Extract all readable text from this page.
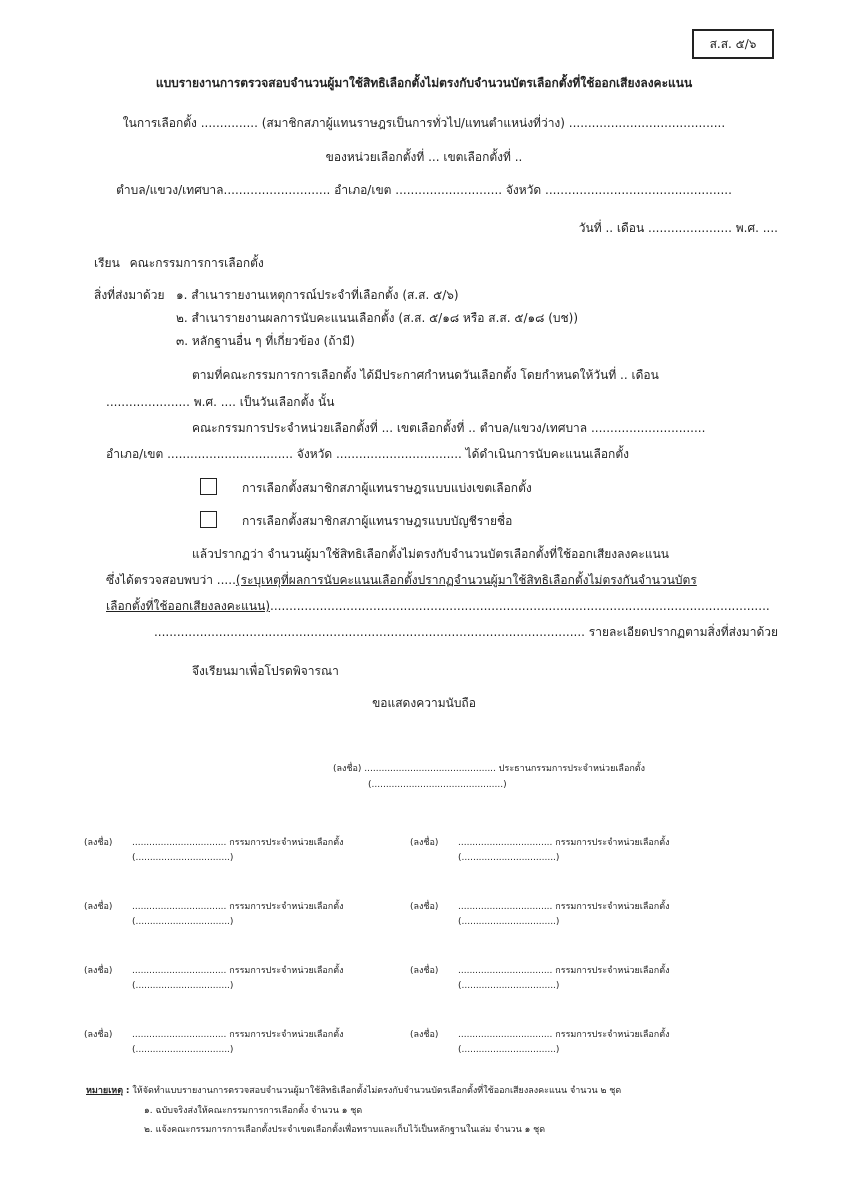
ส.ส. ๕/๖
แบบรายงานการตรวจสอบจำนวนผู้มาใช้สิทธิเลือกตั้งไม่ตรงกับจำนวนบัตรเลือกตั้งที่ใช้ออกเสียงลงคะแนน
ในการเลือกตั้ง ............... (สมาชิกสภาผู้แทนราษฎรเป็นการทั่วไป/แทนตำแหน่งที่ว่าง) .........................................
ของหน่วยเลือกตั้งที่ ... เขตเลือกตั้งที่ ..
ตำบล/แขวง/เทศบาล............................ อำเภอ/เขต ............................ จังหวัด .................................................
วันที่ .. เดือน ...................... พ.ศ. ....
เรียน คณะกรรมการการเลือกตั้ง
สิ่งที่ส่งมาด้วย ๑. สำเนารายงานเหตุการณ์ประจำที่เลือกตั้ง (ส.ส. ๕/๖)
๒. สำเนารายงานผลการนับคะแนนเลือกตั้ง (ส.ส. ๕/๑๘ หรือ ส.ส. ๕/๑๘ (บช))
๓. หลักฐานอื่น ๆ ที่เกี่ยวข้อง (ถ้ามี)
ตามที่คณะกรรมการการเลือกตั้ง ได้มีประกาศกำหนดวันเลือกตั้ง โดยกำหนดให้วันที่ .. เดือน
...................... พ.ศ. .... เป็นวันเลือกตั้ง นั้น
คณะกรรมการประจำหน่วยเลือกตั้งที่ ... เขตเลือกตั้งที่ .. ตำบล/แขวง/เทศบาล ..............................
อำเภอ/เขต ................................. จังหวัด ................................. ได้ดำเนินการนับคะแนนเลือกตั้ง
การเลือกตั้งสมาชิกสภาผู้แทนราษฎรแบบแบ่งเขตเลือกตั้ง
การเลือกตั้งสมาชิกสภาผู้แทนราษฎรแบบบัญชีรายชื่อ
แล้วปรากฏว่า จำนวนผู้มาใช้สิทธิเลือกตั้งไม่ตรงกับจำนวนบัตรเลือกตั้งที่ใช้ออกเสียงลงคะแนน
ซึ่งได้ตรวจสอบพบว่า .....(ระบุเหตุที่ผลการนับคะแนนเลือกตั้งปรากฏจำนวนผู้มาใช้สิทธิเลือกตั้งไม่ตรงกันจำนวนบัตร
เลือกตั้งที่ใช้ออกเสียงลงคะแนน)...................................................................................................................................
................................................................................................................. รายละเอียดปรากฏตามสิ่งที่ส่งมาด้วย
จึงเรียนมาเพื่อโปรดพิจารณา
ขอแสดงความนับถือ
(ลงชื่อ) .............................................. ประธานกรรมการประจำหน่วยเลือกตั้ง
(..............................................)
(ลงชื่อ) ................................. กรรมการประจำหน่วยเลือกตั้ง
(.................................)
(ลงชื่อ) ................................. กรรมการประจำหน่วยเลือกตั้ง
(.................................)
(ลงชื่อ) ................................. กรรมการประจำหน่วยเลือกตั้ง
(.................................)
(ลงชื่อ) ................................. กรรมการประจำหน่วยเลือกตั้ง
(.................................)
(ลงชื่อ) ................................. กรรมการประจำหน่วยเลือกตั้ง
(.................................)
(ลงชื่อ) ................................. กรรมการประจำหน่วยเลือกตั้ง
(.................................)
(ลงชื่อ) ................................. กรรมการประจำหน่วยเลือกตั้ง
(.................................)
(ลงชื่อ) ................................. กรรมการประจำหน่วยเลือกตั้ง
(.................................)
หมายเหตุ : ให้จัดทำแบบรายงานการตรวจสอบจำนวนผู้มาใช้สิทธิเลือกตั้งไม่ตรงกับจำนวนบัตรเลือกตั้งที่ใช้ออกเสียงลงคะแนน จำนวน ๒ ชุด
๑. ฉบับจริงส่งให้คณะกรรมการการเลือกตั้ง จำนวน ๑ ชุด
๒. แจ้งคณะกรรมการการเลือกตั้งประจำเขตเลือกตั้งเพื่อทราบและเก็บไว้เป็นหลักฐานในเล่ม จำนวน ๑ ชุด
